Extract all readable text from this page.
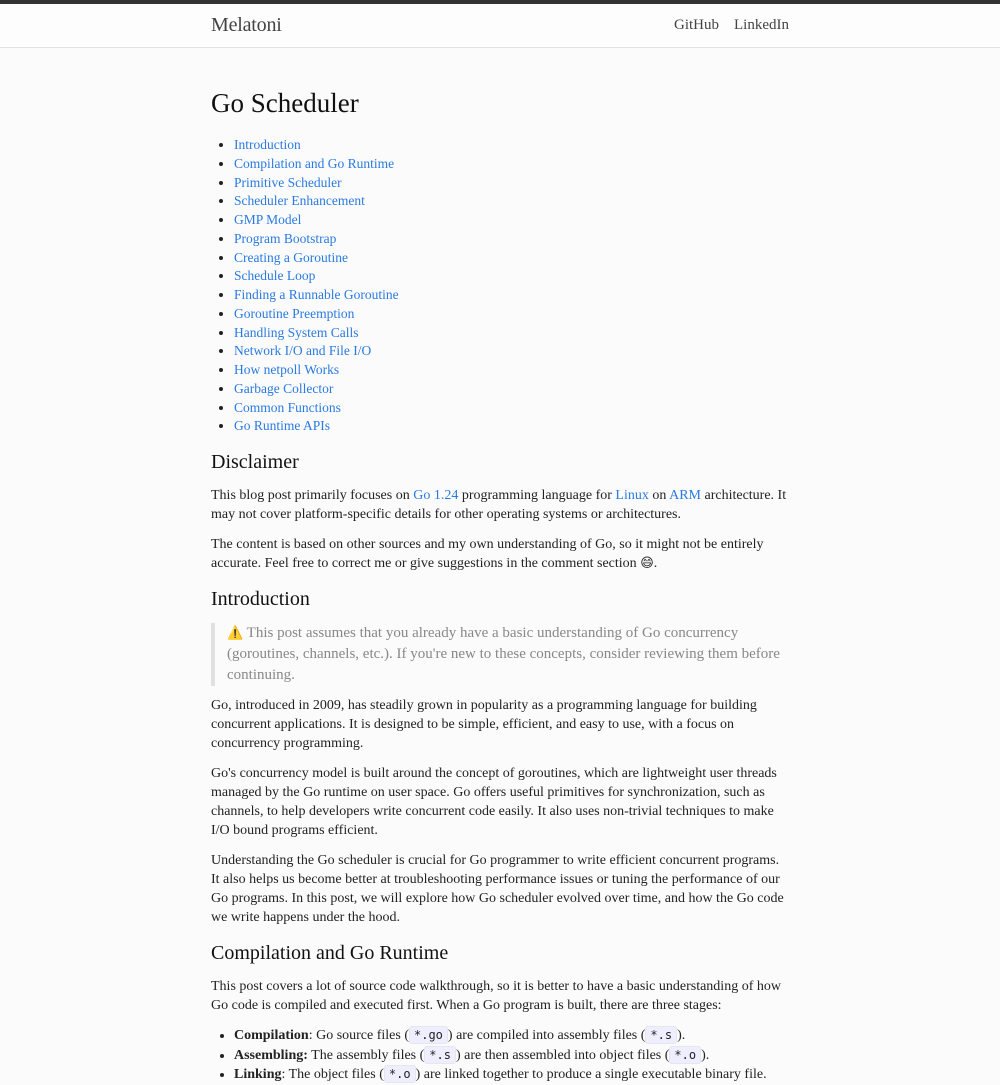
Melatoni	GitHub LinkedIn
Go Scheduler
• Introduction
• Compilation and Go Runtime
• Primitive Scheduler
• Scheduler Enhancement
• GMP Model
• Program Bootstrap
• Creating a Goroutine
• Schedule Loop
• Finding a Runnable Goroutine
• Goroutine Preemption
• Handling System Calls
• Network I/O and File I/O
• How netpoll Works
• Garbage Collector
• Common Functions
• Go Runtime APIs
Disclaimer

This blog post primarily focuses on Go 1.24 programming language for Linux on ARM architecture. It may not cover platform-specific details for other operating systems or architectures.

The content is based on other sources and my own understanding of Go, so it might not be entirely accurate. Feel free to correct me or give suggestions in the comment section 😄.

Introduction
⚠️ This post assumes that you already have a basic understanding of Go concurrency (goroutines, channels, etc.). If you're new to these concepts, consider reviewing them before continuing.

Go, introduced in 2009, has steadily grown in popularity as a programming language for building concurrent applications. It is designed to be simple, efficient, and easy to use, with a focus on concurrency programming.

Go's concurrency model is built around the concept of goroutines, which are lightweight user threads managed by the Go runtime on user space. Go offers useful primitives for synchronization, such as channels, to help developers write concurrent code easily. It also uses non-trivial techniques to make I/O bound programs efficient.

Understanding the Go scheduler is crucial for Go programmer to write efficient concurrent programs. It also helps us become better at troubleshooting performance issues or tuning the performance of our Go programs. In this post, we will explore how Go scheduler evolved over time, and how the Go code we write happens under the hood.

Compilation and Go Runtime

This post covers a lot of source code walkthrough, so it is better to have a basic understanding of how Go code is compiled and executed first. When a Go program is built, there are three stages:

• Compilation: Go source files ( *.go ) are compiled into assembly files ( *.s ).
• Assembling: The assembly files ( *.s ) are then assembled into object files ( *.o ).
• Linking: The object files ( *.o ) are linked together to produce a single executable binary file.
